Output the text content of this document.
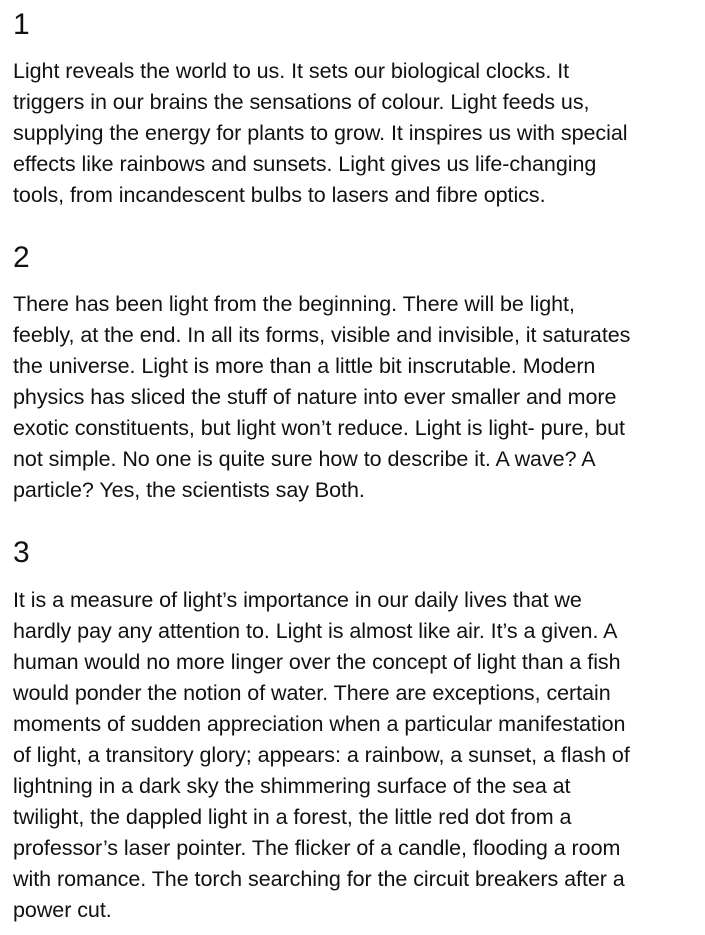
1

Light reveals the world to us. It sets our biological clocks. It
triggers in our brains the sensations of colour. Light feeds us,
supplying the energy for plants to grow. It inspires us with special
effects like rainbows and sunsets. Light gives us life-changing
tools, from incandescent bulbs to lasers and fibre optics.

2

There has been light from the beginning. There will be light,
feebly, at the end. In all its forms, visible and invisible, it saturates
the universe. Light is more than a little bit inscrutable. Modern
physics has sliced the stuff of nature into ever smaller and more
exotic constituents, but light won’t reduce. Light is light- pure, but
not simple. No one is quite sure how to describe it. A wave? A
particle? Yes, the scientists say Both.

3

It is a measure of light’s importance in our daily lives that we
hardly pay any attention to. Light is almost like air. It’s a given. A
human would no more linger over the concept of light than a fish
would ponder the notion of water. There are exceptions, certain
moments of sudden appreciation when a particular manifestation
of light, a transitory glory; appears: a rainbow, a sunset, a flash of
lightning in a dark sky the shimmering surface of the sea at
twilight, the dappled light in a forest, the little red dot from a
professor’s laser pointer. The flicker of a candle, flooding a room
with romance. The torch searching for the circuit breakers after a
power cut.
